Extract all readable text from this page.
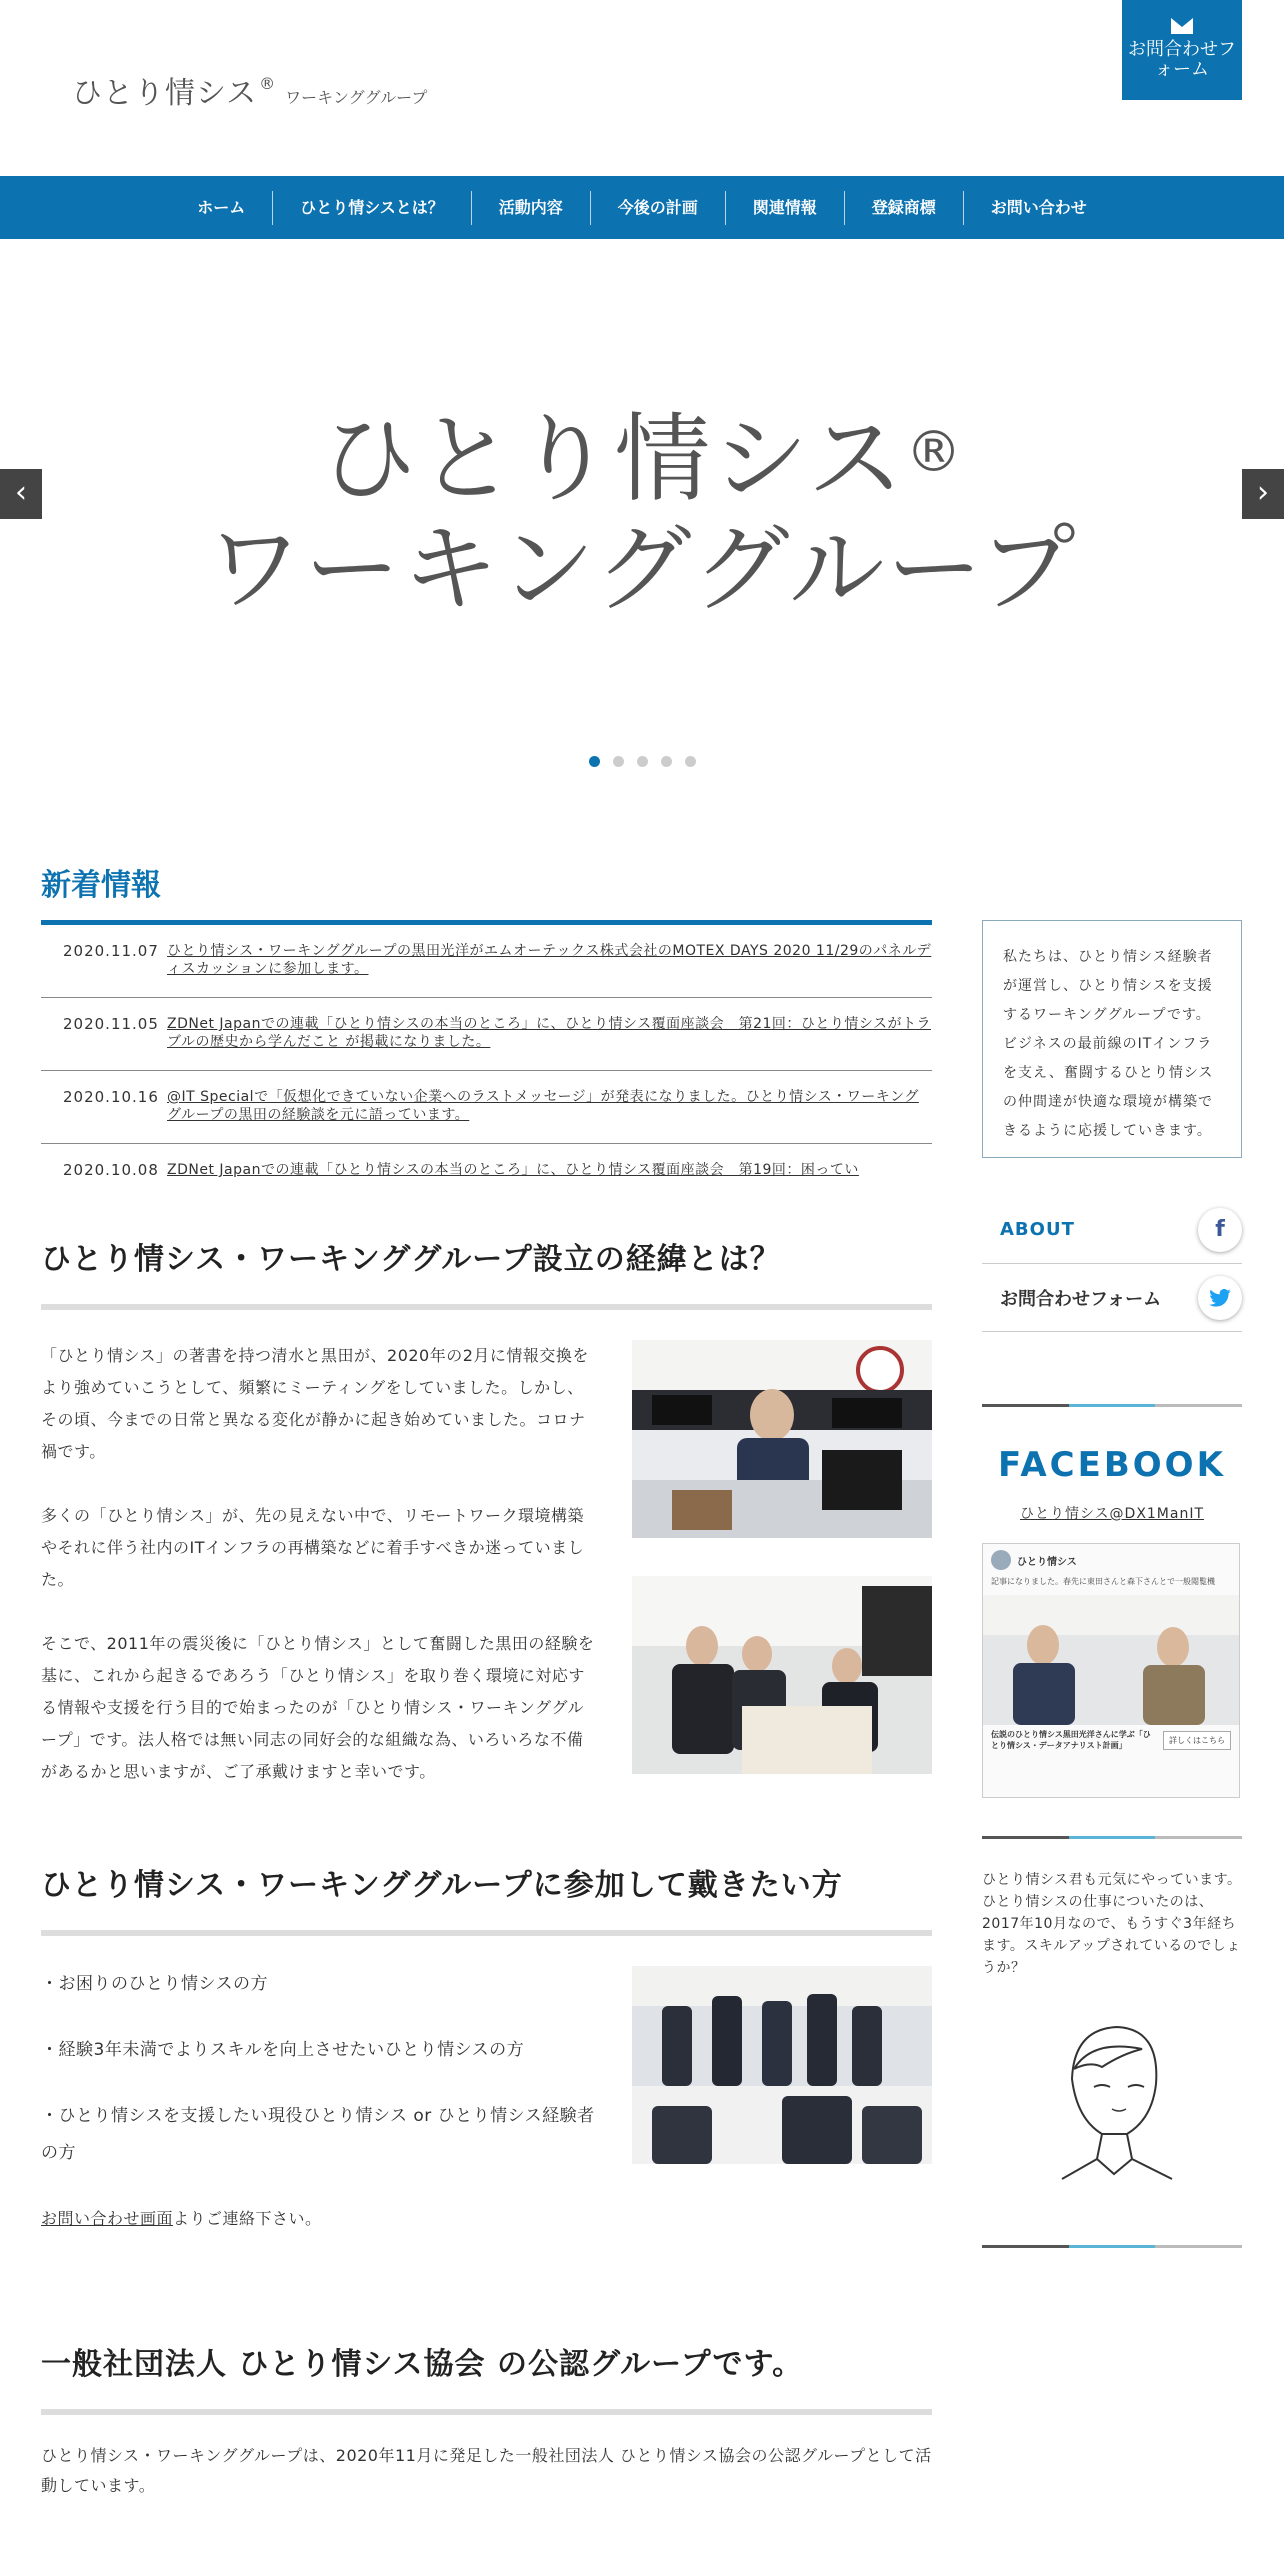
ひとり情シス ®
ワーキンググループ
お問合わせフォーム
ホーム	ひとり情シスとは？	活動内容	今後の計画	関連情報	登録商標	お問い合わせ
ひとり情シス®
ワーキンググループ
‹	›
新着情報
2020.11.07 ひとり情シス・ワーキンググループの黒田光洋がエムオーテックス株式会社のMOTEX DAYS 2020 11/29のパネルディスカッションに参加します。
2020.11.05 ZDNet Japanでの連載「ひとり情シスの本当のところ」に、ひとり情シス覆面座談会　第21回：ひとり情シスがトラブルの歴史から学んだこと が掲載になりました。
2020.10.16 @IT Specialで「仮想化できていない企業へのラストメッセージ」が発表になりました。ひとり情シス・ワーキンググループの黒田の経験談を元に語っています。
2020.10.08 ZDNet Japanでの連載「ひとり情シスの本当のところ」に、ひとり情シス覆面座談会　第19回：困ってい
ひとり情シス・ワーキンググループ設立の経緯とは？

「ひとり情シス」の著書を持つ清水と黒田が、2020年の2月に情報交換をより強めていこうとして、頻繁にミーティングをしていました。しかし、その頃、今までの日常と異なる変化が静かに起き始めていました。コロナ禍です。

多くの「ひとり情シス」が、先の見えない中で、リモートワーク環境構築やそれに伴う社内のITインフラの再構築などに着手すべきか迷っていました。

そこで、2011年の震災後に「ひとり情シス」として奮闘した黒田の経験を基に、これから起きるであろう「ひとり情シス」を取り巻く環境に対応する情報や支援を行う目的で始まったのが「ひとり情シス・ワーキンググループ」です。法人格では無い同志の同好会的な組織な為、いろいろな不備があるかと思いますが、ご了承戴けますと幸いです。

ひとり情シス・ワーキンググループに参加して戴きたい方
・お困りのひとり情シスの方
・経験3年未満でよりスキルを向上させたいひとり情シスの方
・ひとり情シスを支援したい現役ひとり情シス or ひとり情シス経験者の方
お問い合わせ画面よりご連絡下さい。
一般社団法人 ひとり情シス協会 の公認グループです。
ひとり情シス・ワーキンググループは、2020年11月に発足した一般社団法人 ひとり情シス協会の公認グループとして活動しています。
私たちは、ひとり情シス経験者が運営し、ひとり情シスを支援するワーキンググループです。ビジネスの最前線のITインフラを支え、奮闘するひとり情シスの仲間達が快適な環境が構築できるように応援していきます。
ABOUT	f
お問合わせフォーム
FACEBOOK
ひとり情シス@DX1ManIT
ひとり情シス
記事になりました。春先に東田さんと森下さんとで一般閲覧機
伝説のひとり情シス黒田光洋さんに学ぶ「ひとり情シス・データアナリスト計画」
詳しくはこちら
ひとり情シス君も元気にやっています。ひとり情シスの仕事についたのは、2017年10月なので、もうすぐ3年経ちます。スキルアップされているのでしょうか？
